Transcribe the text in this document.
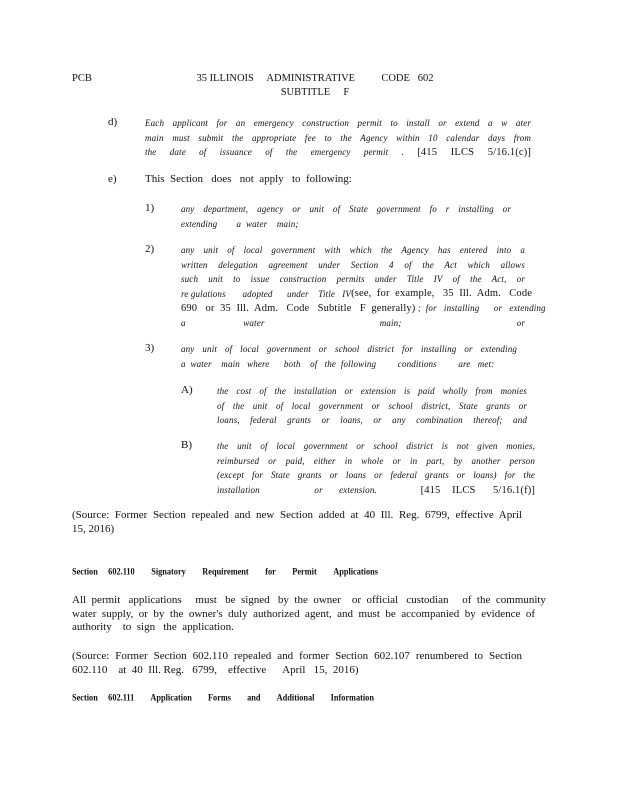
PCB	35 ILLINOIS     ADMINISTRATIVE          CODE   602
SUBTITLE     F
d)	Each applicant for an emergency construction permit to install or extend a w ater
main must submit the appropriate fee to the Agency within 10 calendar days from
the date of issuance of the emergency permit . [415 ILCS 5/16.1(c)]
e)	This  Section   does   not  apply   to  following:
1)	any department, agency or unit of State government fo r installing or
extending        a  water    main;
2)	any unit of local government with which the Agency has entered into a
written delegation agreement under Section 4 of the Act which allows
such unit to issue construction permits under Title IV of the Act, or
re gulations       adopted      under    Title   IV (see,  for  example,   35  Ill.  Adm.   Code
690   or  35  Ill.  Adm.   Code   Subtitle   F  generally) ;  for   installing      or   extending
a  water    main;    or
3)	any unit of local government or school district for installing or extending
a  water    main   where      both    of   the  following         conditions         are   met:
A)	the cost of the installation or extension is paid wholly from monies
of the unit of local government or school district, State grants or
loans, federal grants or loans, or any combination thereof; and
B)	the unit of local government or school district is not given monies,
reimbursed or paid, either in whole or in part, by another person
(except for State grants or loans or federal grants or loans) for the
installation          or   extension.	[415  ILCS   5/16.1(f)]
(Source: Former Section repealed and new Section added at 40 Ill. Reg. 6799, effective April
15, 2016)
Section     602.110 Signatory Requirement for Permit Applications
All  permit   applications     must   be  signed   by  the  owner    or  official   custodian     of  the  community
water supply, or by the owner's duly authorized agent, and must be accompanied by evidence of
authority    to  sign   the  application.
(Source: Former Section 602.110 repealed and former Section 602.107 renumbered to Section
602.110    at  40  Ill. Reg.   6799,    effective      April   15,  2016)
Section     602.111 Application Forms and Additional Information
